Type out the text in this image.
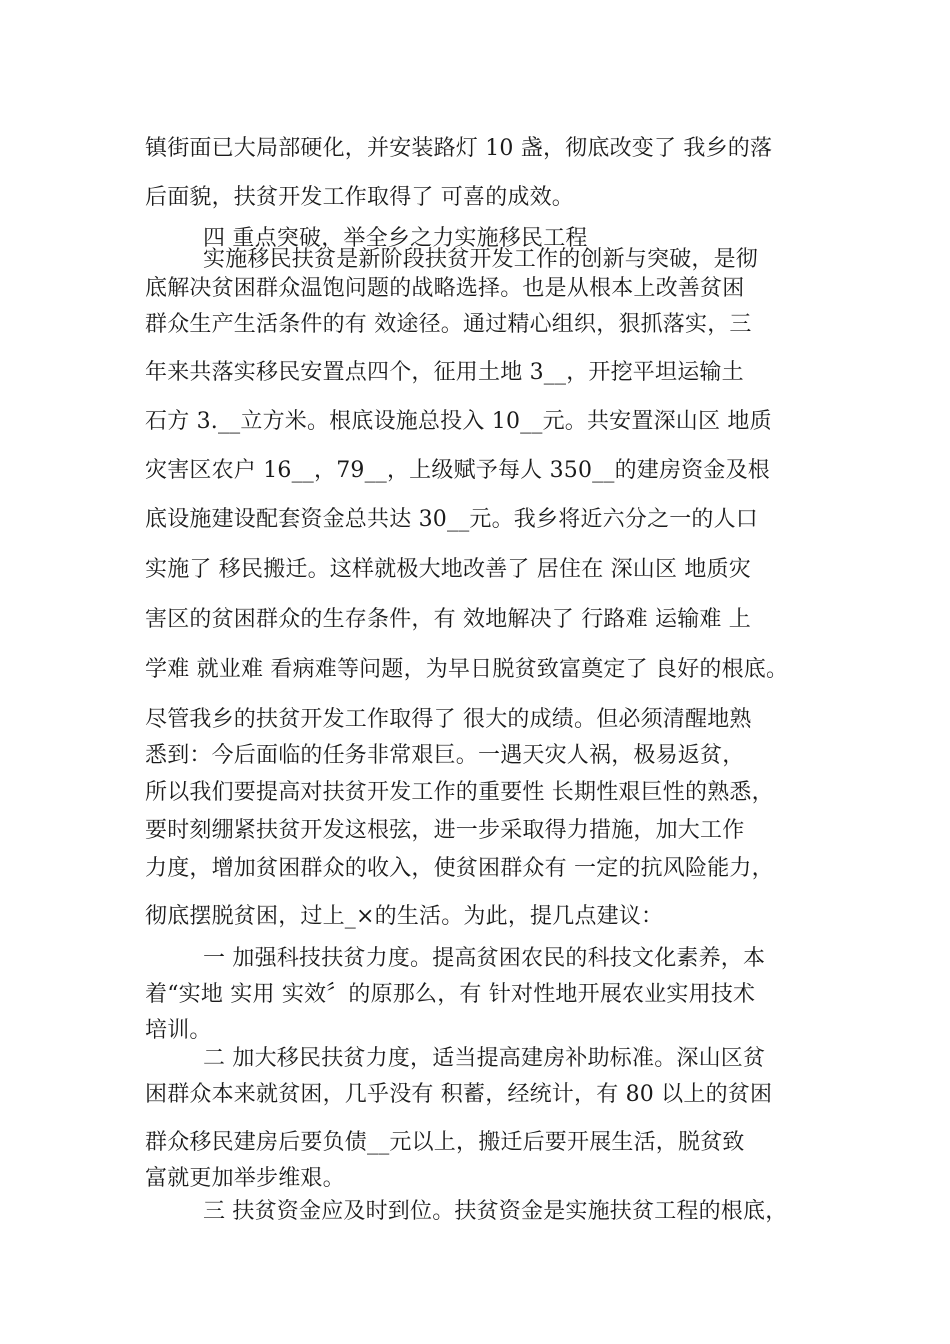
镇街面已大局部硬化，并安装路灯 10 盏，彻底改变了 我乡的落
后面貌，扶贫开发工作取得了 可喜的成效。
四 重点突破，举全乡之力实施移民工程
实施移民扶贫是新阶段扶贫开发工作的创新与突破，是彻
底解决贫困群众温饱问题的战略选择。也是从根本上改善贫困
群众生产生活条件的有 效途径。通过精心组织，狠抓落实，三
年来共落实移民安置点四个，征用土地 3__，开挖平坦运输土
石方 3.__立方米。根底设施总投入 10__元。共安置深山区 地质
灾害区农户 16__，79__，上级赋予每人 350__的建房资金及根
底设施建设配套资金总共达 30__元。我乡将近六分之一的人口
实施了 移民搬迁。这样就极大地改善了 居住在 深山区 地质灾
害区的贫困群众的生存条件，有 效地解决了 行路难 运输难 上
学难 就业难 看病难等问题，为早日脱贫致富奠定了 良好的根底。
尽管我乡的扶贫开发工作取得了 很大的成绩。但必须清醒地熟
悉到：今后面临的任务非常艰巨。一遇天灾人祸，极易返贫，
所以我们要提高对扶贫开发工作的重要性 长期性艰巨性的熟悉，
要时刻绷紧扶贫开发这根弦，进一步采取得力措施，加大工作
力度，增加贫困群众的收入，使贫困群众有 一定的抗风险能力，
彻底摆脱贫困，过上_×的生活。为此，提几点建议：
一 加强科技扶贫力度。提高贫困农民的科技文化素养，本
着“实地 实用 实效〞的原那么，有 针对性地开展农业实用技术
培训。
二 加大移民扶贫力度，适当提高建房补助标准。深山区贫
困群众本来就贫困，几乎没有 积蓄，经统计，有 80 以上的贫困
群众移民建房后要负债__元以上，搬迁后要开展生活，脱贫致
富就更加举步维艰。
三 扶贫资金应及时到位。扶贫资金是实施扶贫工程的根底，
